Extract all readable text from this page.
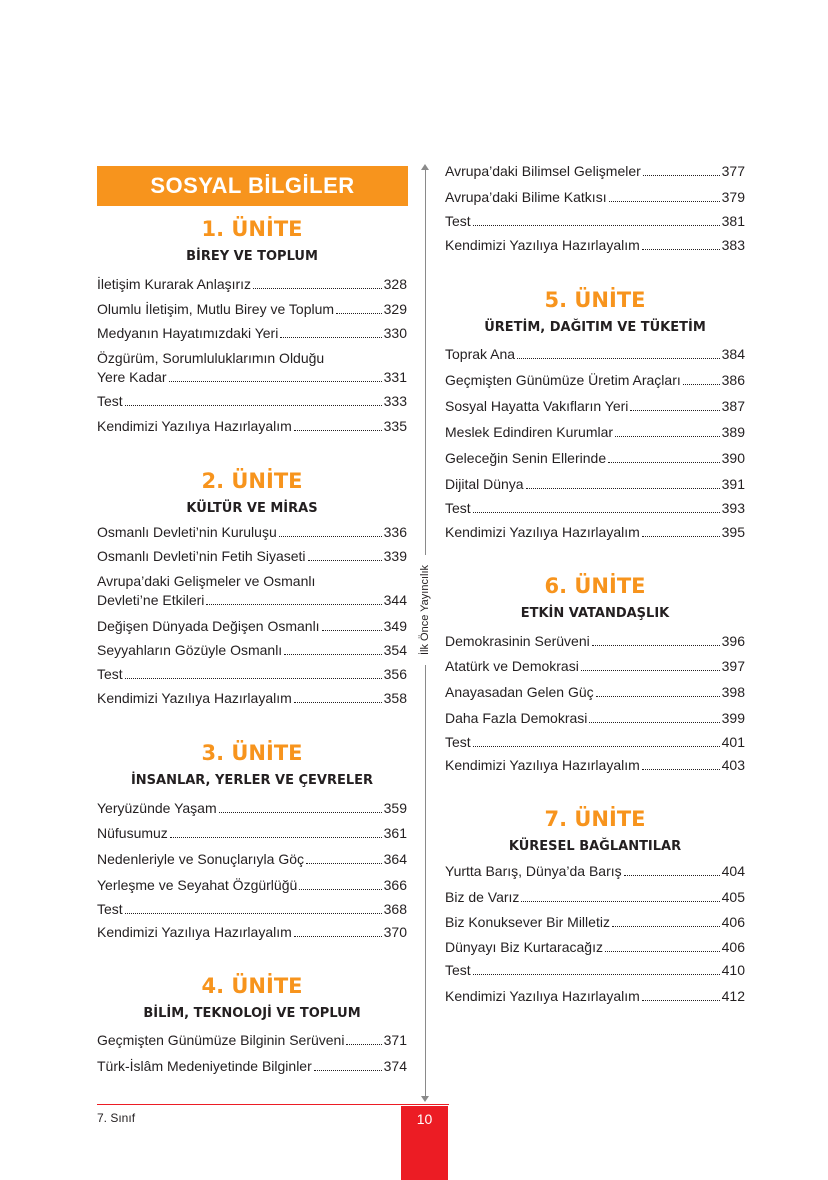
SOSYAL BİLGİLER
İlk Önce Yayıncılık
1. ÜNİTE
BİREY VE TOPLUM
İletişim Kurarak Anlaşırız	328
Olumlu İletişim, Mutlu Birey ve Toplum	329
Medyanın Hayatımızdaki Yeri	330
Özgürüm, Sorumluluklarımın Olduğu
Yere Kadar	331
Test	333
Kendimizi Yazılıya Hazırlayalım	335
2. ÜNİTE
KÜLTÜR VE MİRAS
Osmanlı Devleti’nin Kuruluşu	336
Osmanlı Devleti’nin Fetih Siyaseti	339
Avrupa’daki Gelişmeler ve Osmanlı
Devleti’ne Etkileri	344
Değişen Dünyada Değişen Osmanlı	349
Seyyahların Gözüyle Osmanlı	354
Test	356
Kendimizi Yazılıya Hazırlayalım	358
3. ÜNİTE
İNSANLAR, YERLER VE ÇEVRELER
Yeryüzünde Yaşam	359
Nüfusumuz	361
Nedenleriyle ve Sonuçlarıyla Göç	364
Yerleşme ve Seyahat Özgürlüğü	366
Test	368
Kendimizi Yazılıya Hazırlayalım	370
4. ÜNİTE
BİLİM, TEKNOLOJİ VE TOPLUM
Geçmişten Günümüze Bilginin Serüveni	371
Türk-İslâm Medeniyetinde Bilginler	374
Avrupa’daki Bilimsel Gelişmeler	377
Avrupa’daki Bilime Katkısı	379
Test	381
Kendimizi Yazılıya Hazırlayalım	383
5. ÜNİTE
ÜRETİM, DAĞITIM VE TÜKETİM
Toprak Ana	384
Geçmişten Günümüze Üretim Araçları	386
Sosyal Hayatta Vakıfların Yeri	387
Meslek Edindiren Kurumlar	389
Geleceğin Senin Ellerinde	390
Dijital Dünya	391
Test	393
Kendimizi Yazılıya Hazırlayalım	395
6. ÜNİTE
ETKİN VATANDAŞLIK
Demokrasinin Serüveni	396
Atatürk ve Demokrasi	397
Anayasadan Gelen Güç	398
Daha Fazla Demokrasi	399
Test	401
Kendimizi Yazılıya Hazırlayalım	403
7. ÜNİTE
KÜRESEL BAĞLANTILAR
Yurtta Barış, Dünya’da Barış	404
Biz de Varız	405
Biz Konuksever Bir Milletiz	406
Dünyayı Biz Kurtaracağız	406
Test	410
Kendimizi Yazılıya Hazırlayalım	412
7. Sınıf	10
